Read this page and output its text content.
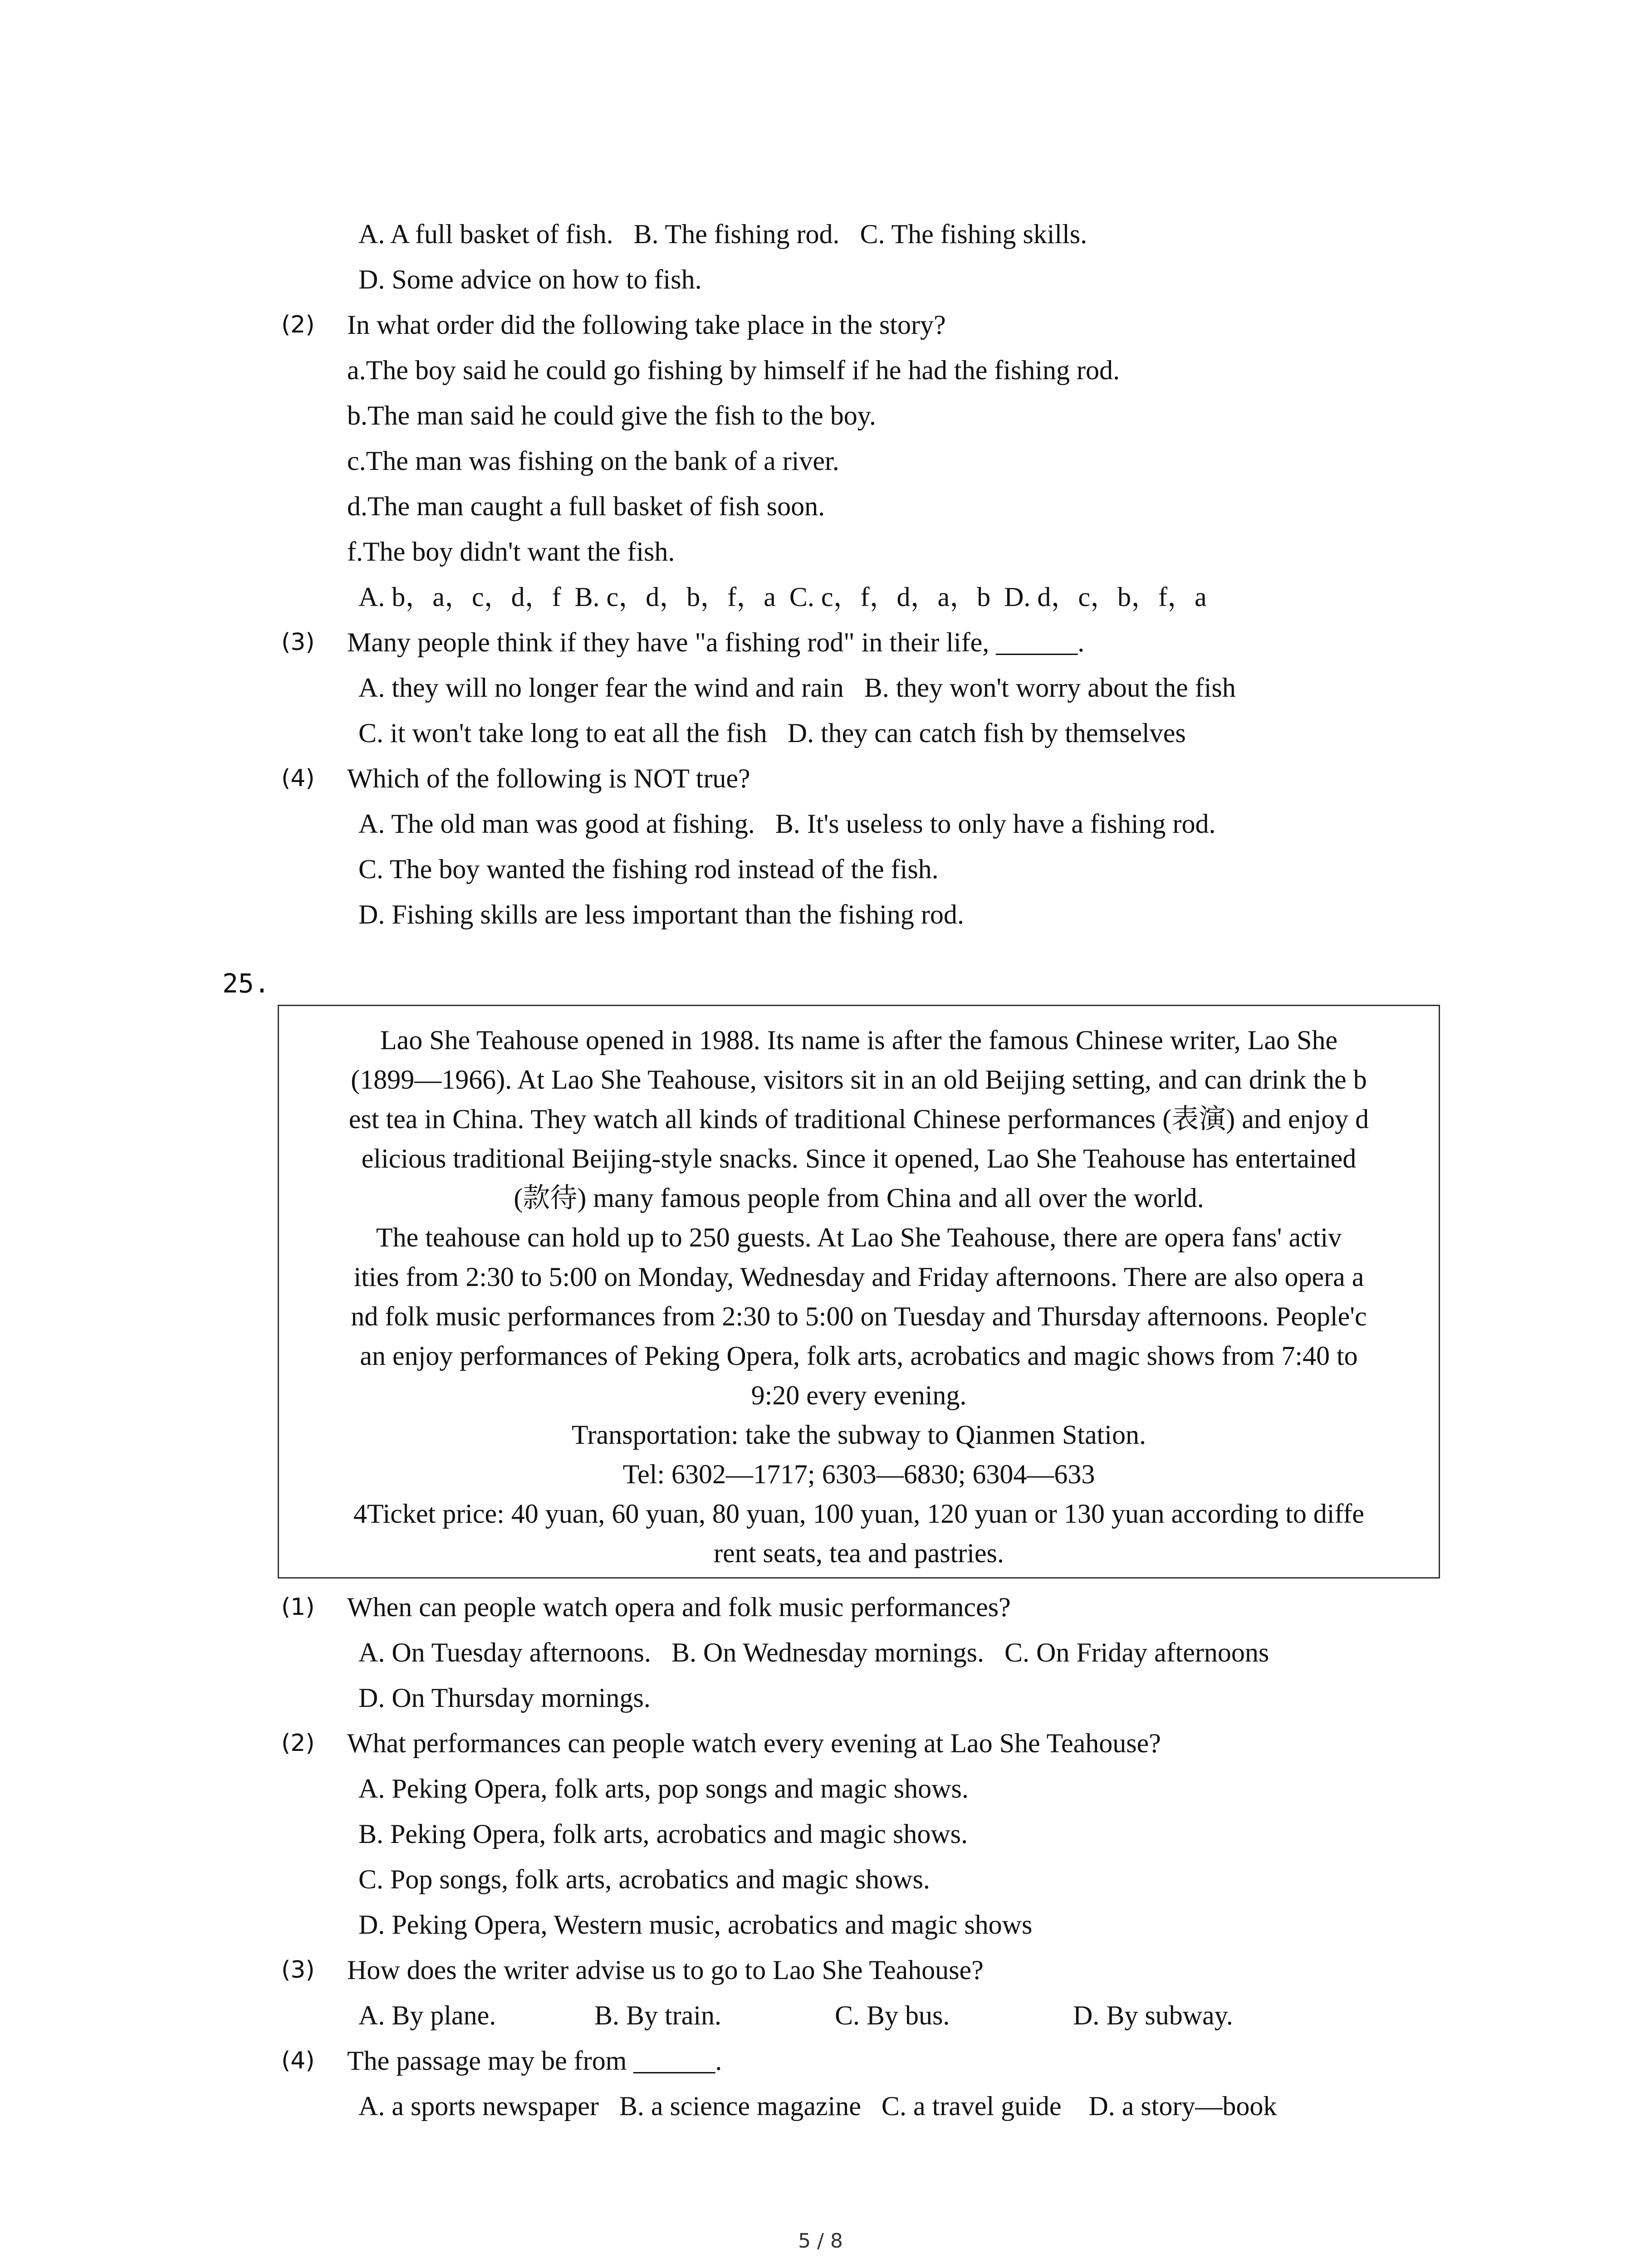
A. A full basket of fish.   B. The fishing rod.   C. The fishing skills.
D. Some advice on how to fish.
(2) In what order did the following take place in the story?
a.The boy said he could go fishing by himself if he had the fishing rod.
b.The man said he could give the fish to the boy.
c.The man was fishing on the bank of a river.
d.The man caught a full basket of fish soon.
f.The boy didn't want the fish.
A. b，a，c，d，f  B. c，d，b，f，a  C. c，f，d，a，b  D. d，c，b，f，a
(3) Many people think if they have "a fishing rod" in their life, ______.
A. they will no longer fear the wind and rain   B. they won't worry about the fish
C. it won't take long to eat all the fish   D. they can catch fish by themselves
(4) Which of the following is NOT true?
A. The old man was good at fishing.   B. It's useless to only have a fishing rod.
C. The boy wanted the fishing rod instead of the fish.
D. Fishing skills are less important than the fishing rod.
25.
Lao She Teahouse opened in 1988. Its name is after the famous Chinese writer, Lao She
(1899—1966). At Lao She Teahouse, visitors sit in an old Beijing setting, and can drink the b
est tea in China. They watch all kinds of traditional Chinese performances (表演) and enjoy d
elicious traditional Beijing-style snacks. Since it opened, Lao She Teahouse has entertained
(款待) many famous people from China and all over the world.
The teahouse can hold up to 250 guests. At Lao She Teahouse, there are opera fans' activ
ities from 2:30 to 5:00 on Monday, Wednesday and Friday afternoons. There are also opera a
nd folk music performances from 2:30 to 5:00 on Tuesday and Thursday afternoons. People'c
an enjoy performances of Peking Opera, folk arts, acrobatics and magic shows from 7:40 to
9:20 every evening.
Transportation: take the subway to Qianmen Station.
Tel: 6302—1717; 6303—6830; 6304—633
4Ticket price: 40 yuan, 60 yuan, 80 yuan, 100 yuan, 120 yuan or 130 yuan according to diffe
rent seats, tea and pastries.
(1) When can people watch opera and folk music performances?
A. On Tuesday afternoons.   B. On Wednesday mornings.   C. On Friday afternoons
D. On Thursday mornings.
(2) What performances can people watch every evening at Lao She Teahouse?
A. Peking Opera, folk arts, pop songs and magic shows.
B. Peking Opera, folk arts, acrobatics and magic shows.
C. Pop songs, folk arts, acrobatics and magic shows.
D. Peking Opera, Western music, acrobatics and magic shows
(3) How does the writer advise us to go to Lao She Teahouse?
A. By plane.	B. By train.	C. By bus.	D. By subway.
(4) The passage may be from ______.
A. a sports newspaper   B. a science magazine   C. a travel guide    D. a story—book
5 / 8
